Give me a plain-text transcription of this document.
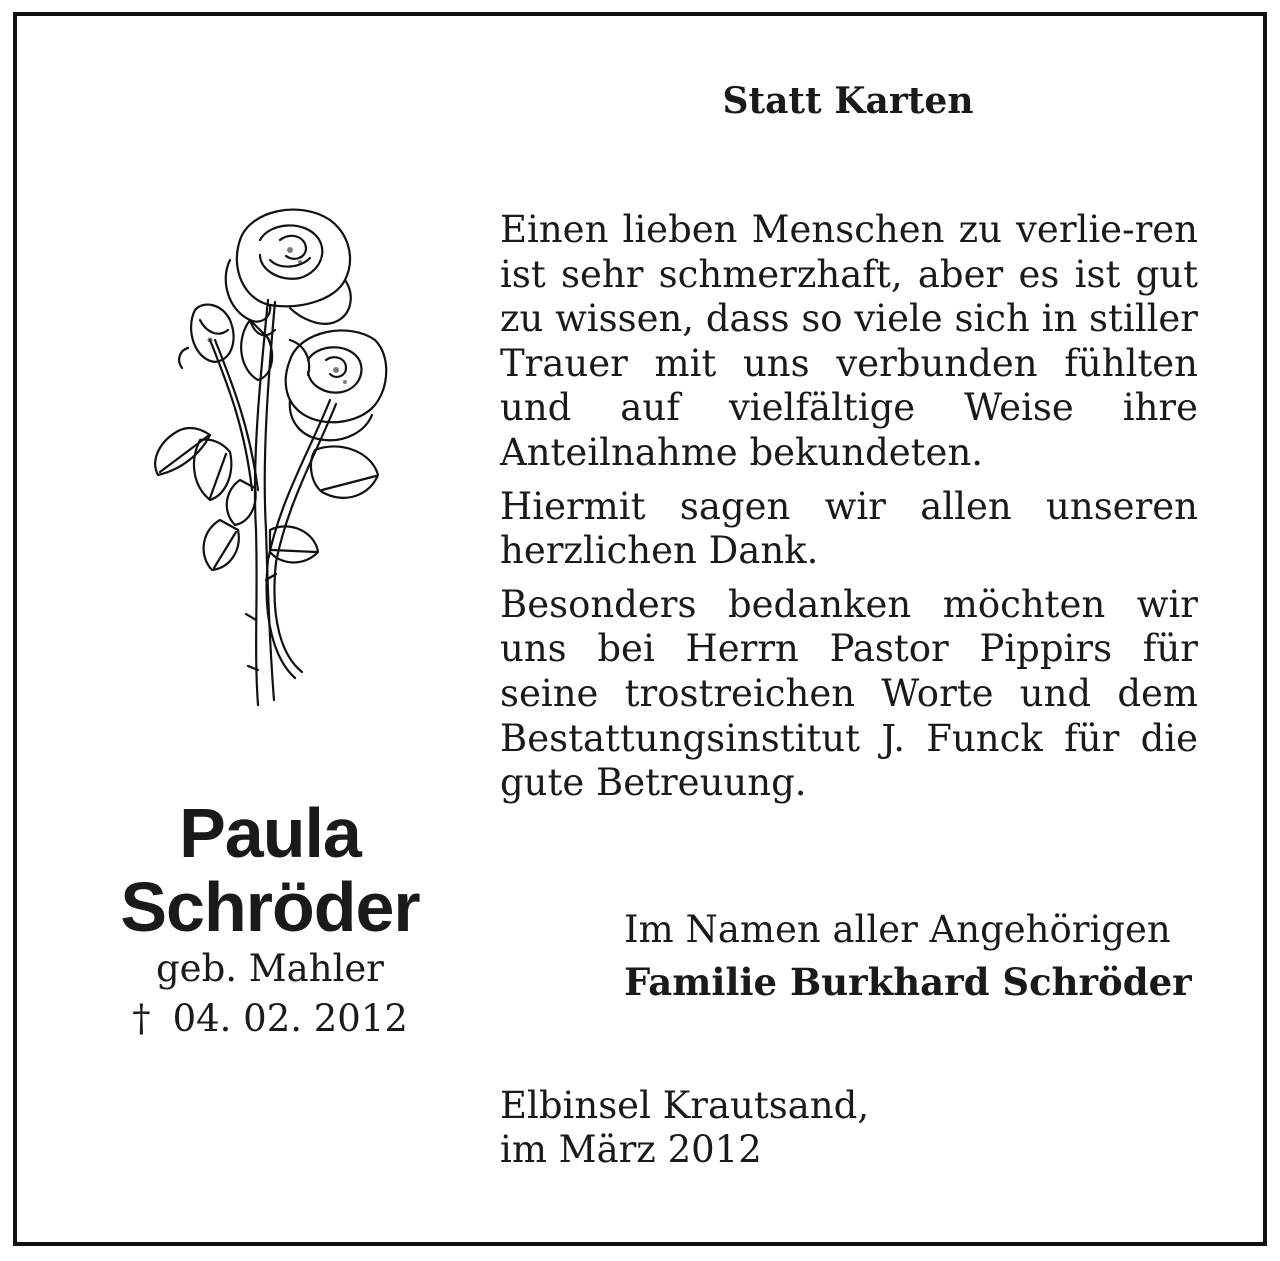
Statt Karten

Einen lieben Menschen zu verlie-ren ist sehr schmerzhaft, aber es ist gut zu wissen, dass so viele sich in stiller Trauer mit uns verbunden fühlten und auf vielfältige Weise ihre Anteilnahme bekundeten.

Hiermit sagen wir allen unseren herzlichen Dank.

Besonders bedanken möchten wir uns bei Herrn Pastor Pippirs für seine trostreichen Worte und dem Bestattungsinstitut J. Funck für die gute Betreuung.

Paula
Schröder
geb. Mahler
† 04. 02. 2012
Im Namen aller Angehörigen
Familie Burkhard Schröder
Elbinsel Krautsand,
im März 2012
